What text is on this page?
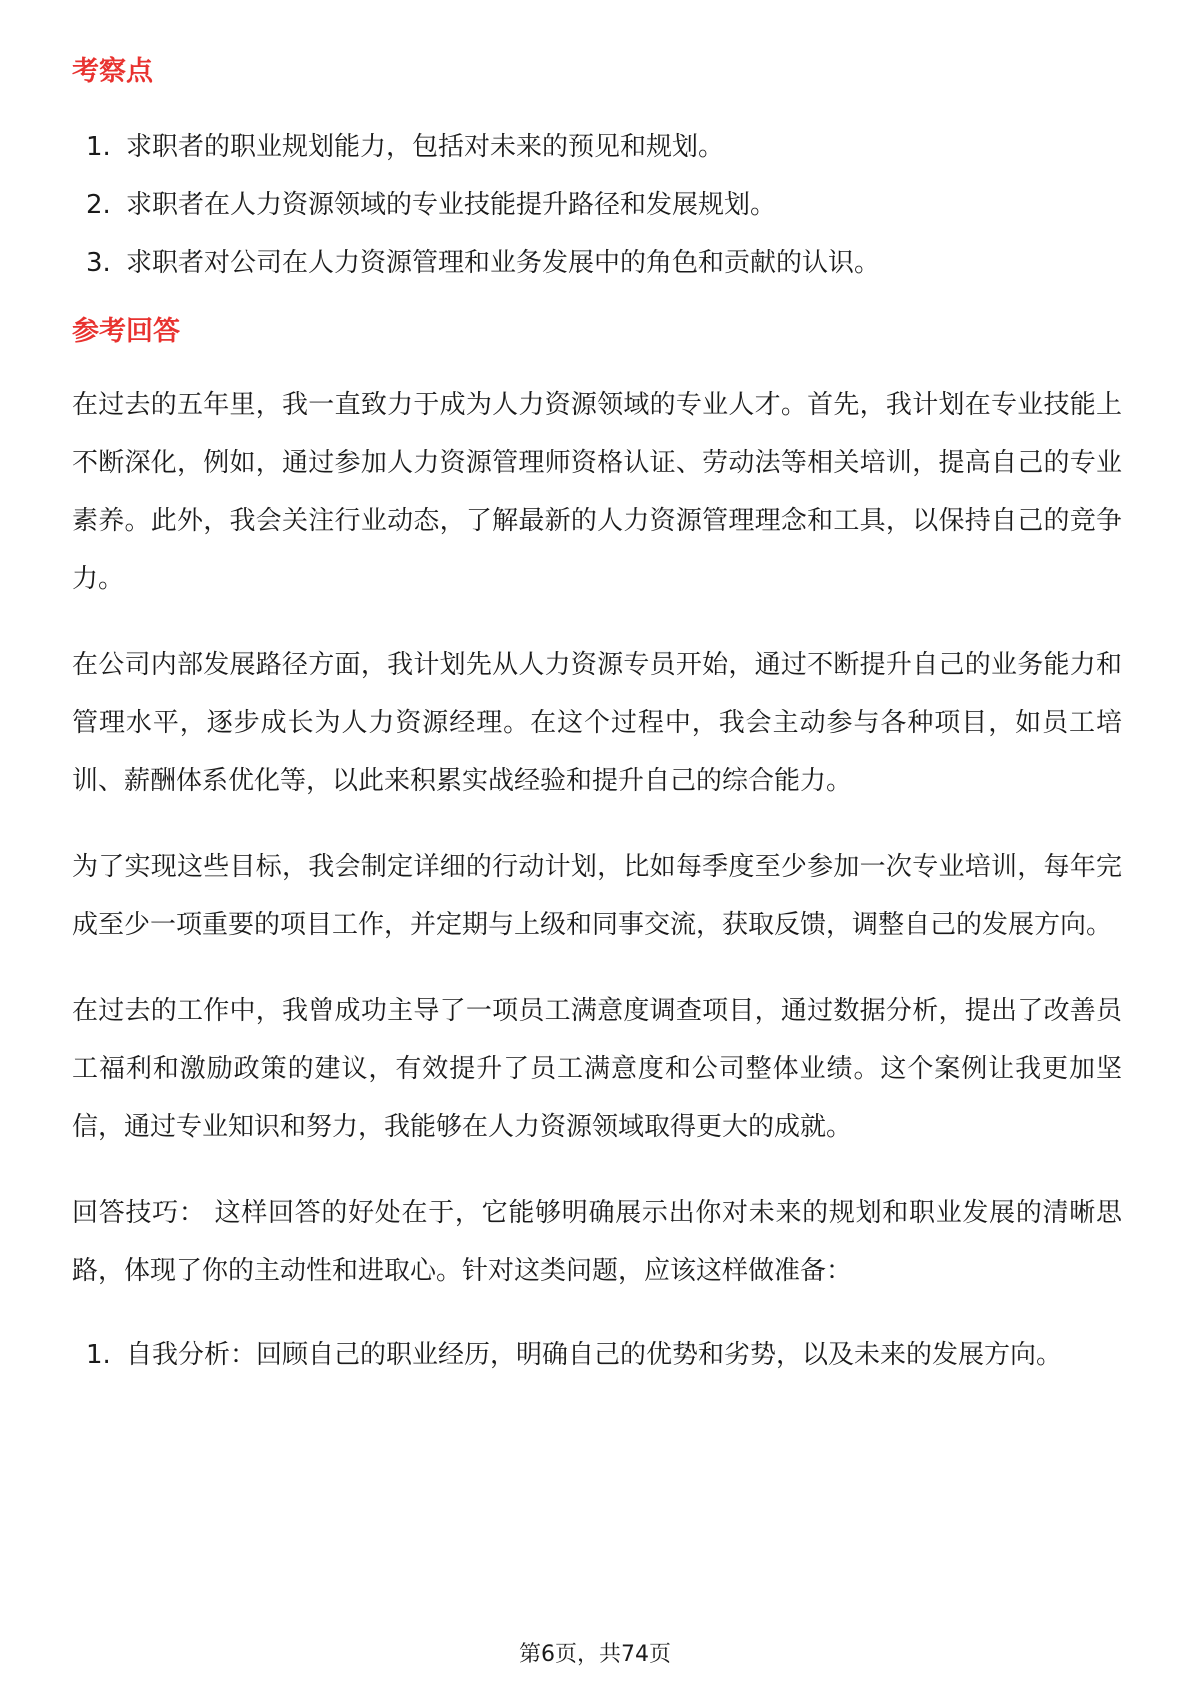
考察点
1. 求职者的职业规划能力，包括对未来的预见和规划。
2. 求职者在人力资源领域的专业技能提升路径和发展规划。
3. 求职者对公司在人力资源管理和业务发展中的角色和贡献的认识。
参考回答

在过去的五年里，我一直致力于成为人力资源领域的专业人才。首先，我计划在专业技能上不断深化，例如，通过参加人力资源管理师资格认证、劳动法等相关培训，提高自己的专业素养。此外，我会关注行业动态，了解最新的人力资源管理理念和工具，以保持自己的竞争力。

在公司内部发展路径方面，我计划先从人力资源专员开始，通过不断提升自己的业务能力和管理水平，逐步成长为人力资源经理。在这个过程中，我会主动参与各种项目，如员工培训、薪酬体系优化等，以此来积累实战经验和提升自己的综合能力。

为了实现这些目标，我会制定详细的行动计划，比如每季度至少参加一次专业培训，每年完成至少一项重要的项目工作，并定期与上级和同事交流，获取反馈，调整自己的发展方向。

在过去的工作中，我曾成功主导了一项员工满意度调查项目，通过数据分析，提出了改善员工福利和激励政策的建议，有效提升了员工满意度和公司整体业绩。这个案例让我更加坚信，通过专业知识和努力，我能够在人力资源领域取得更大的成就。

回答技巧： 这样回答的好处在于，它能够明确展示出你对未来的规划和职业发展的清晰思路，体现了你的主动性和进取心。针对这类问题，应该这样做准备：

1. 自我分析：回顾自己的职业经历，明确自己的优势和劣势，以及未来的发展方向。
第6页，共74页
